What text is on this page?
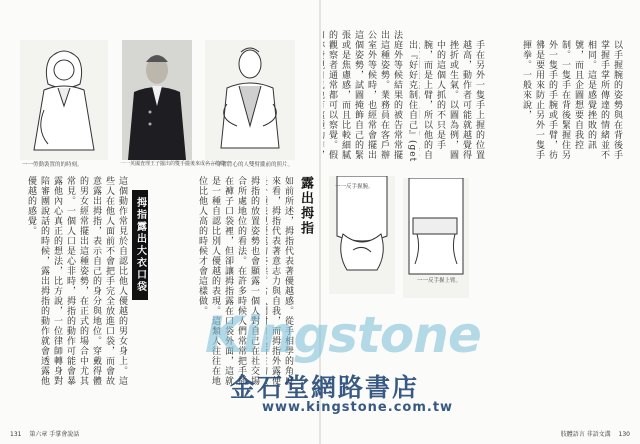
一一勞動裝置的的時刻。	一一英國査理王子擺出的雙手攏後來成名言的樣子
一一穿著背心的人雙臂攏前的照片。
拇指的放置姿勢也會顯露一個人對自己在社交場合所處地位的看法。在許多時候人們常常把手插在褲子口袋裡，但卻讓拇指露在口袋外面，這就是一種自認比別人優越的表現。這類人往往在地位比他人高的時候才會這樣做。	露出拇指
如前所述，拇指代表著優越感。從手相學的角度來看，拇指代表著意志力與自我，而拇指外露便
拇指露出大衣口袋
這個動作常見於自認比他人優越的男女身上。這些人在他人面前不會把手完全放進口袋，而會故意露出拇指，表示自己的身分與地位。穿戴得體的男女經常擺出這種姿勢，在正式的場合中尤其常見。一個人口是心非時，拇指的動作可能會暴露他內心真正的想法，比方說，一位律師轉身對陪審團說話的時候，露出拇指的動作就會透露他優越的感覺。
131 第六章 手掌會說話
以手握腕的姿勢與在背後手掌握手掌所傳達的情緒並不相同。這是感覺挫敗的訊號，而且企圖想要自我控制。一隻手在背後緊握住另外一隻手的手腕或手臂，彷彿是要用來防止另外一隻手揮拳。一般來說，
手在另外一隻手上握的位置越高，動作者可能就越覺得挫折或生氣。以圖為例，圖中的這個人抓的不只是手腕，而是上臂，所以他的自
出『好好克制住自己』(get
法庭外等候結果的被告常常擺出這種姿勢。業務員在客戶辦公室外等候時，也經常會擺出這個姿勢，試圖掩飾自己的緊張或是焦慮感，而且比較細膩的觀察者通常都可以察覺。假
一一反手握腕。
一一反手握上臂。
肢體語言 非語文溝 130
Kingstone
金石堂網路書店
www.kingstone.com.tw
